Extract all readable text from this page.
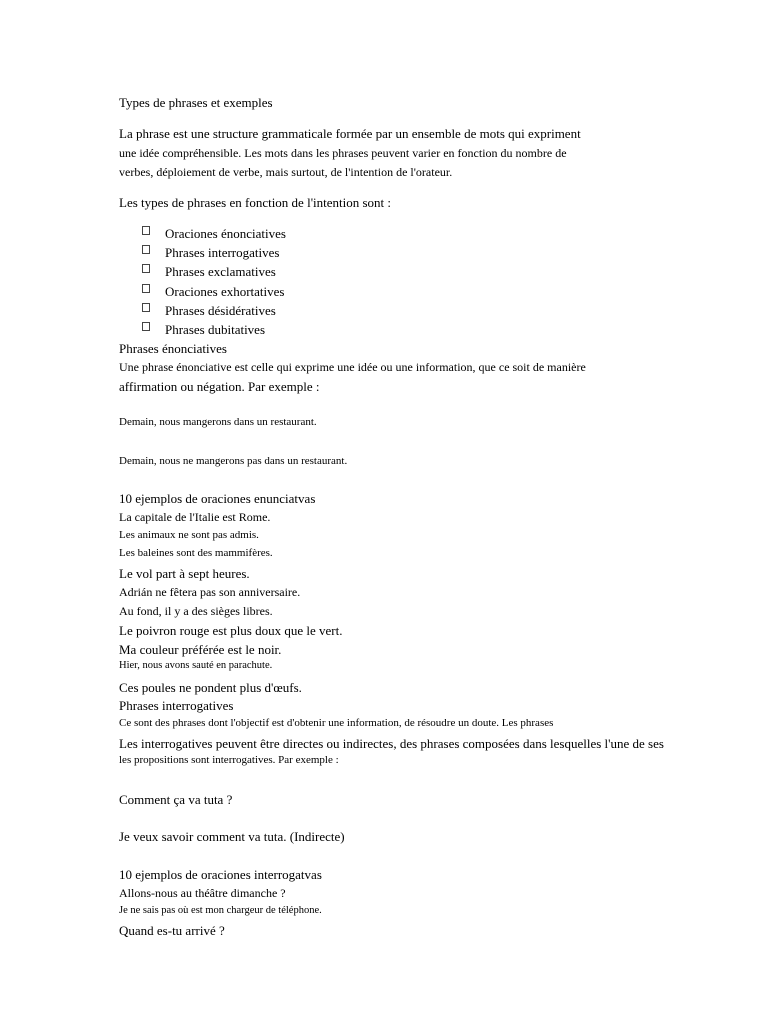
Types de phrases et exemples
La phrase est une structure grammaticale formée par un ensemble de mots qui expriment
une idée compréhensible. Les mots dans les phrases peuvent varier en fonction du nombre de
verbes, déploiement de verbe, mais surtout, de l'intention de l'orateur.
Les types de phrases en fonction de l'intention sont :
Oraciones énonciatives
Phrases interrogatives
Phrases exclamatives
Oraciones exhortatives
Phrases désidératives
Phrases dubitatives
Phrases énonciatives
Une phrase énonciative est celle qui exprime une idée ou une information, que ce soit de manière
affirmation ou négation. Par exemple :
Demain, nous mangerons dans un restaurant.
Demain, nous ne mangerons pas dans un restaurant.
10 ejemplos de oraciones enunciatvas
La capitale de l'Italie est Rome.
Les animaux ne sont pas admis.
Les baleines sont des mammifères.
Le vol part à sept heures.
Adrián ne fêtera pas son anniversaire.
Au fond, il y a des sièges libres.
Le poivron rouge est plus doux que le vert.
Ma couleur préférée est le noir.
Hier, nous avons sauté en parachute.
Ces poules ne pondent plus d'œufs.
Phrases interrogatives
Ce sont des phrases dont l'objectif est d'obtenir une information, de résoudre un doute. Les phrases
Les interrogatives peuvent être directes ou indirectes, des phrases composées dans lesquelles l'une de ses
les propositions sont interrogatives. Par exemple :
Comment ça va tuta ?
Je veux savoir comment va tuta. (Indirecte)
10 ejemplos de oraciones interrogatvas
Allons-nous au théâtre dimanche ?
Je ne sais pas où est mon chargeur de téléphone.
Quand es-tu arrivé ?
